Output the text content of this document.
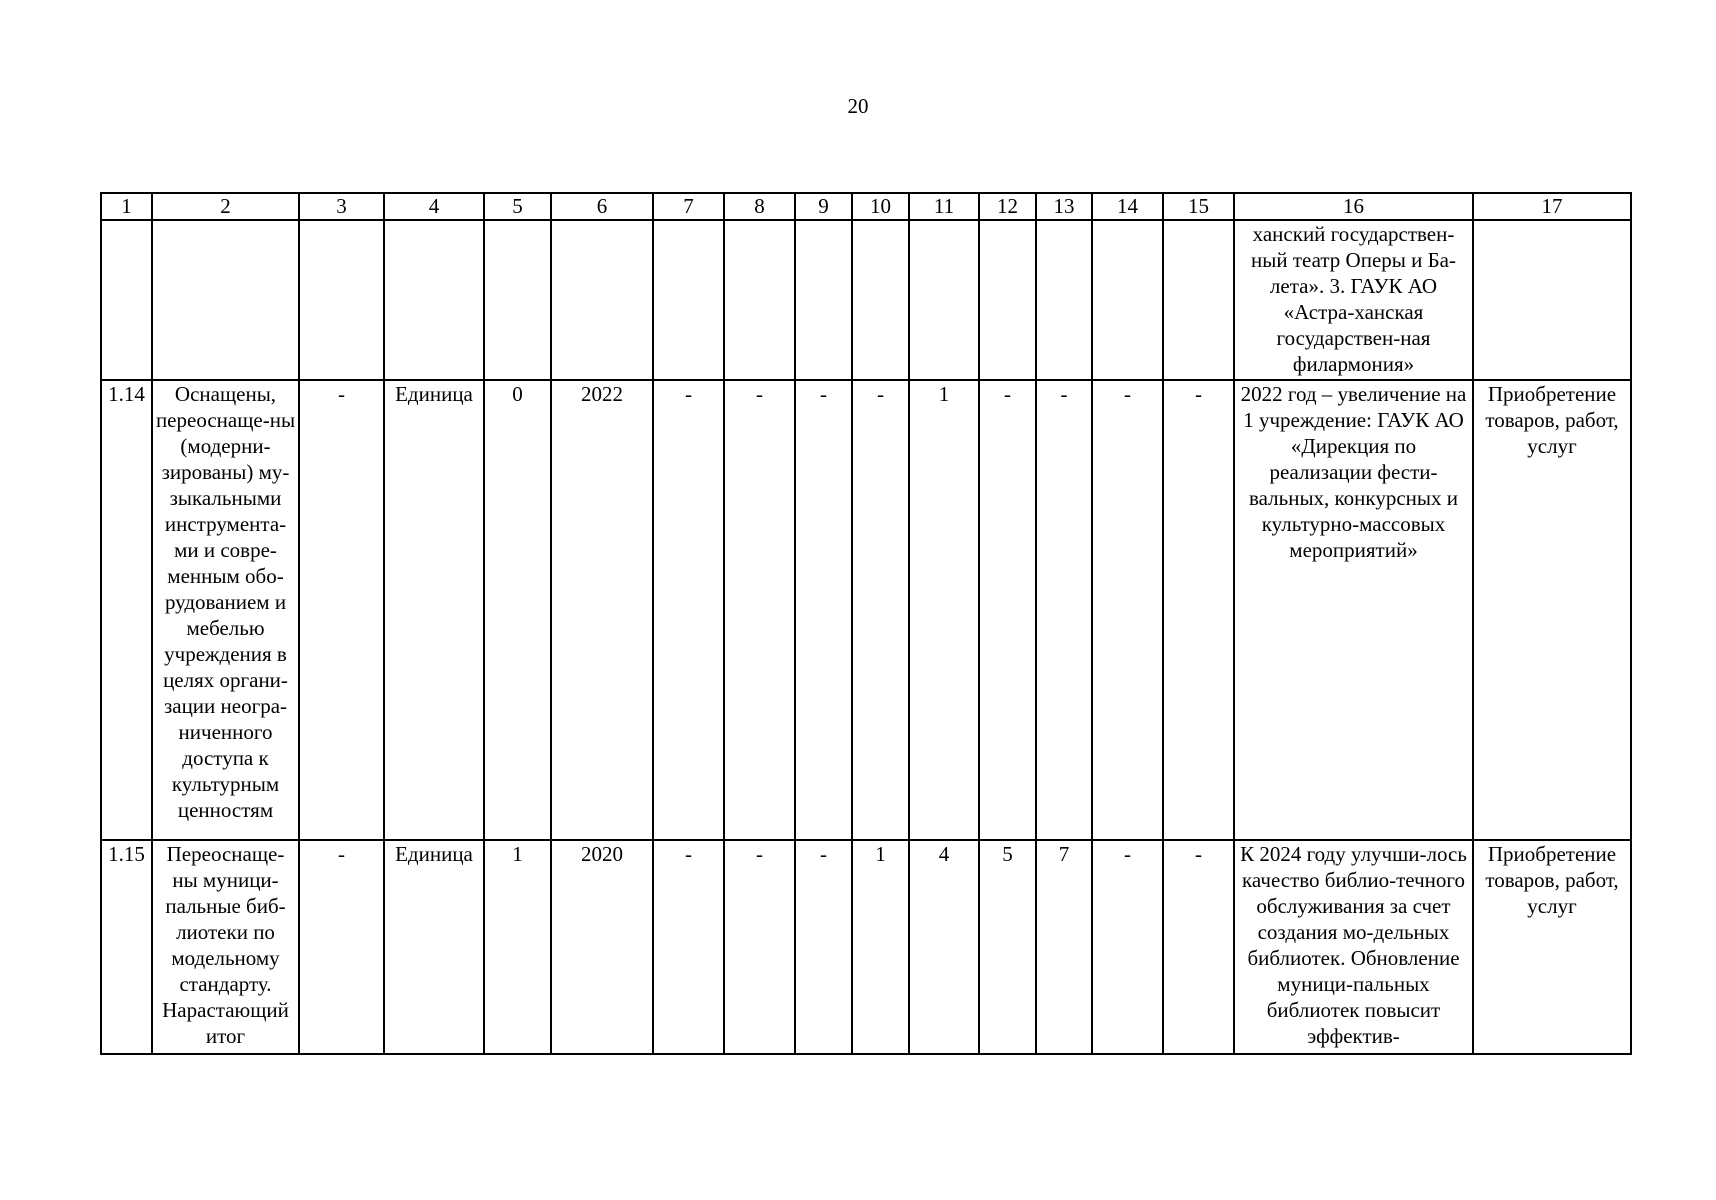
20
1	2	3	4	5	6	7	8	9	10	11	12	13	14	15	16	17

															ханский государствен-ный театр Оперы и Ба-лета». 3. ГАУК АО «Астра-ханская государствен-ная филармония»	

1.14	Оснащены, переоснаще-ны (модерни-зированы) му-зыкальными инструмента-ми и совре-менным обо-рудованием и мебелью учреждения в целях органи-зации неогра-ниченного доступа к культурным ценностям	-	Единица	0	2022	-	-	-	-	1	-	-	-	-	2022 год – увеличение на 1 учреждение: ГАУК АО «Дирекция по реализации фести-вальных, конкурсных и культурно-массовых мероприятий»	Приобретение товаров, работ, услуг

1.15	Переоснаще-ны муници-пальные биб-лиотеки по модельному стандарту. Нарастающий итог	-	Единица	1	2020	-	-	-	1	4	5	7	-	-	К 2024 году улучши-лось качество библио-течного обслуживания за счет создания мо-дельных библиотек. Обновление муници-пальных библиотек повысит эффектив-	Приобретение товаров, работ, услуг
